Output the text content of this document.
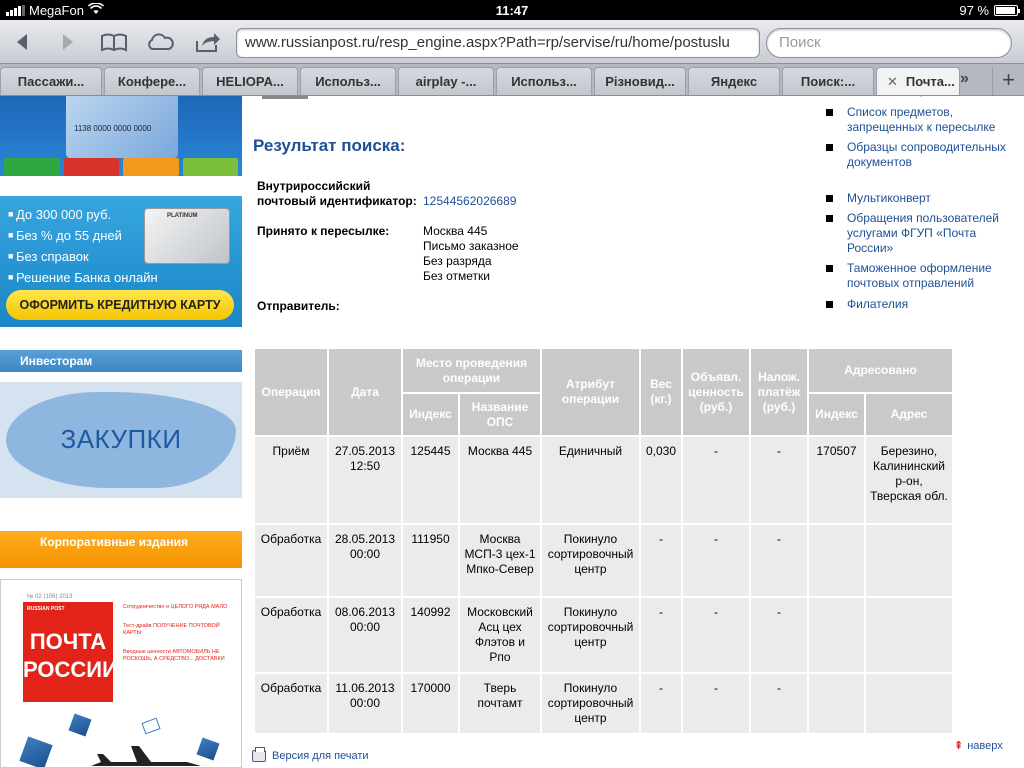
MegaFon	11:47	97 %
www.russianpost.ru/resp_engine.aspx?Path=rp/servise/ru/home/postuslu	Поиск
Пассажи...	Конфере...	HELIOPA...	Использ...	airplay -...	Использ...	Різновид...	Яндекс	Поиск:...	✕ Почта... »	+
1138 0000 0000 0000
■ До 300 000 руб.
■ Без % до 55 дней
■ Без справок
■ Решение Банка онлайн
PLATINUM
ОФОРМИТЬ КРЕДИТНУЮ КАРТУ
Инвесторам
ЗАКУПКИ
Корпоративные издания
№ 02 (106) 2013
RUSSIAN POST
ПОЧТА
РОССИИ
Сотрудничество и ЦЕЛОГО РЯДА МАЛО
Тест-драйв ПОЛУЧЕНИЕ ПОЧТОВОЙ КАРТЫ
Вводные ценности АВТОМОБИЛЬ НЕ РОСКОШЬ, А СРЕДСТВО... ДОСТАВКИ
Результат поиска:
Внутрироссийский
почтовый идентификатор: 12544562026689
Принято к пересылке:	Москва 445
Письмо заказное
Без разряда
Без отметки
Отправитель:
Список предметов, запрещенных к пересылке
Образцы сопроводительных документов
Мультиконверт
Обращения пользователей услугами ФГУП «Почта России»
Таможенное оформление почтовых отправлений
Филателия
Операция	Дата	Место проведения операции		Атрибут операции	Вес (кг.)	Объявл. ценность (руб.)	Налож. платёж (руб.)	Адресовано	
		Индекс	Название ОПС					Индекс	Адрес
Приём	27.05.2013 12:50	125445	Москва 445	Единичный	0,030	-	-	170507	Березино, Калининский р-он, Тверская обл.
Обработка	28.05.2013 00:00	111950	Москва МСП-3 цех-1 Мпко-Север	Покинуло сортировочный центр	-	-	-		
Обработка	08.06.2013 00:00	140992	Московский Асц цех Флэтов и Рпо	Покинуло сортировочный центр	-	-	-		
Обработка	11.06.2013 00:00	170000	Тверь почтамт	Покинуло сортировочный центр	-	-	-		
Версия для печати
⇞ наверх
